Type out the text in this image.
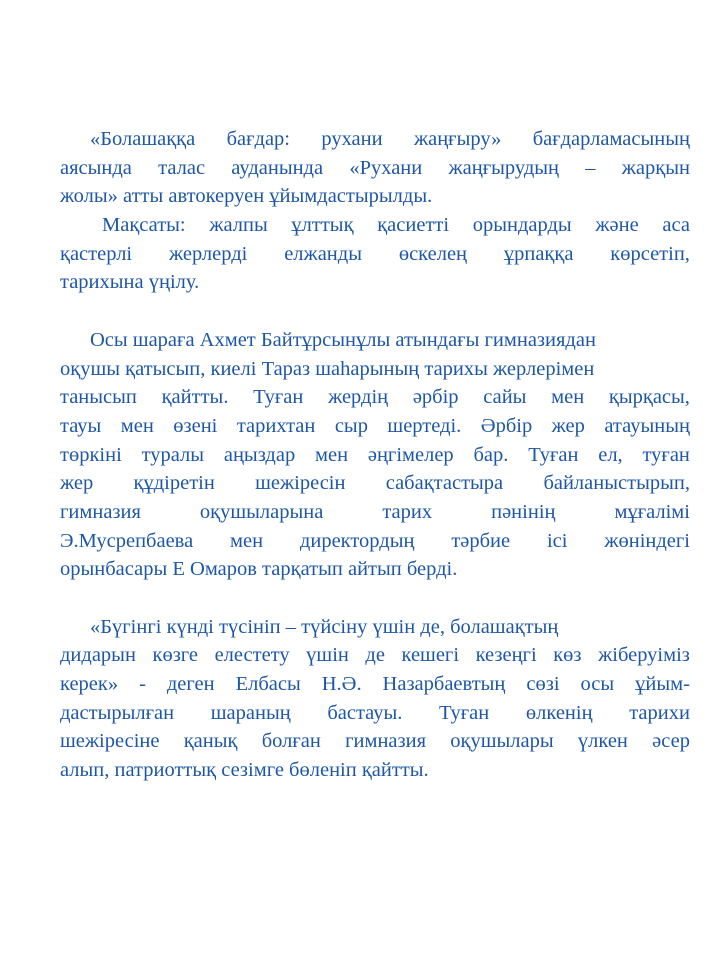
«Болашаққа бағдар: рухани жаңғыру» бағдарламасының
аясында талас ауданында «Рухани жаңғырудың – жарқын
жолы» атты автокеруен ұйымдастырылды.
Мақсаты: жалпы ұлттық қасиетті орындарды және аса
қастерлі жерлерді елжанды өскелең ұрпаққа көрсетіп,
тарихына үңілу.
Осы шараға Ахмет Байтұрсынұлы атындағы гимназиядан
оқушы қатысып, киелі Тараз шаһарының тарихы жерлерімен
танысып қайтты. Туған жердің әрбір сайы мен қырқасы,
тауы мен өзені тарихтан сыр шертеді. Әрбір жер атауының
төркіні туралы аңыздар мен әңгімелер бар. Туған ел, туған
жер құдіретін шежіресін сабақтастыра байланыстырып,
гимназия	оқушыларына	тарих	пәнінің	мұғалімі
Э.Мусрепбаева мен директордың тәрбие ісі жөніндегі
орынбасары Е Омаров тарқатып айтып берді.
«Бүгінгі күнді түсініп – түйсіну үшін де, болашақтың
дидарын көзге елестету үшін де кешегі кезеңгі көз жіберуіміз
керек» - деген Елбасы Н.Ә. Назарбаевтың сөзі осы ұйым-
дастырылған шараның бастауы. Туған өлкенің тарихи
шежіресіне қанық болған гимназия оқушылары үлкен әсер
алып, патриоттық сезімге бөленіп қайтты.
